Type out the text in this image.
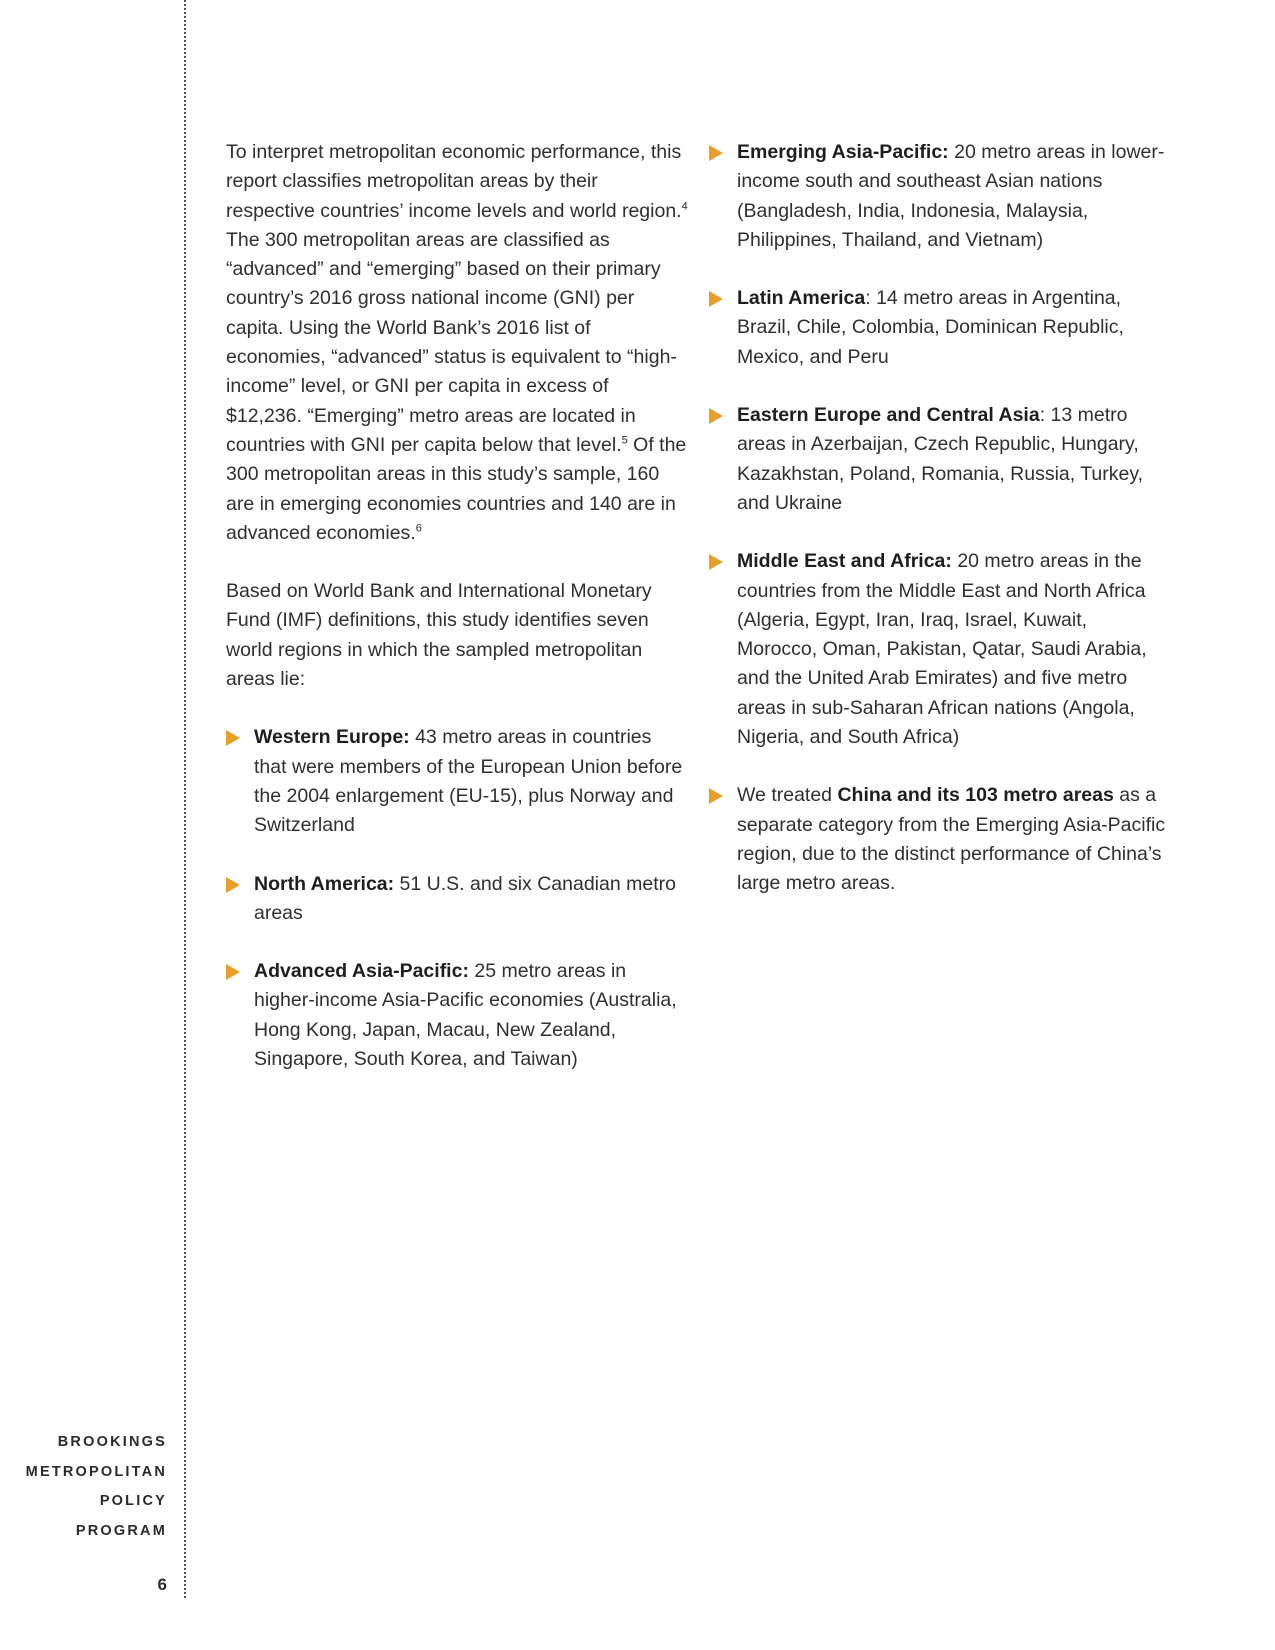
To interpret metropolitan economic performance, this report classifies metropolitan areas by their respective countries’ income levels and world region.$^4$ The 300 metropolitan areas are classified as “advanced” and “emerging” based on their primary country’s 2016 gross national income (GNI) per capita. Using the World Bank’s 2016 list of economies, “advanced” status is equivalent to “high-income” level, or GNI per capita in excess of $12,236. “Emerging” metro areas are located in countries with GNI per capita below that level.$^5$ Of the 300 metropolitan areas in this study’s sample, 160 are in emerging economies countries and 140 are in advanced economies.$^6$

Based on World Bank and International Monetary Fund (IMF) definitions, this study identifies seven world regions in which the sampled metropolitan areas lie:

Western Europe: 43 metro areas in countries that were members of the European Union before the 2004 enlargement (EU-15), plus Norway and Switzerland
North America: 51 U.S. and six Canadian metro areas
Advanced Asia-Pacific: 25 metro areas in higher-income Asia-Pacific economies (Australia, Hong Kong, Japan, Macau, New Zealand, Singapore, South Korea, and Taiwan)
Emerging Asia-Pacific: 20 metro areas in lower-income south and southeast Asian nations (Bangladesh, India, Indonesia, Malaysia, Philippines, Thailand, and Vietnam)
Latin America: 14 metro areas in Argentina, Brazil, Chile, Colombia, Dominican Republic, Mexico, and Peru
Eastern Europe and Central Asia: 13 metro areas in Azerbaijan, Czech Republic, Hungary, Kazakhstan, Poland, Romania, Russia, Turkey, and Ukraine
Middle East and Africa: 20 metro areas in the countries from the Middle East and North Africa (Algeria, Egypt, Iran, Iraq, Israel, Kuwait, Morocco, Oman, Pakistan, Qatar, Saudi Arabia, and the United Arab Emirates) and five metro areas in sub-Saharan African nations (Angola, Nigeria, and South Africa)
We treated China and its 103 metro areas as a separate category from the Emerging Asia-Pacific region, due to the distinct performance of China’s large metro areas.
BROOKINGS
METROPOLITAN
POLICY
PROGRAM
6
